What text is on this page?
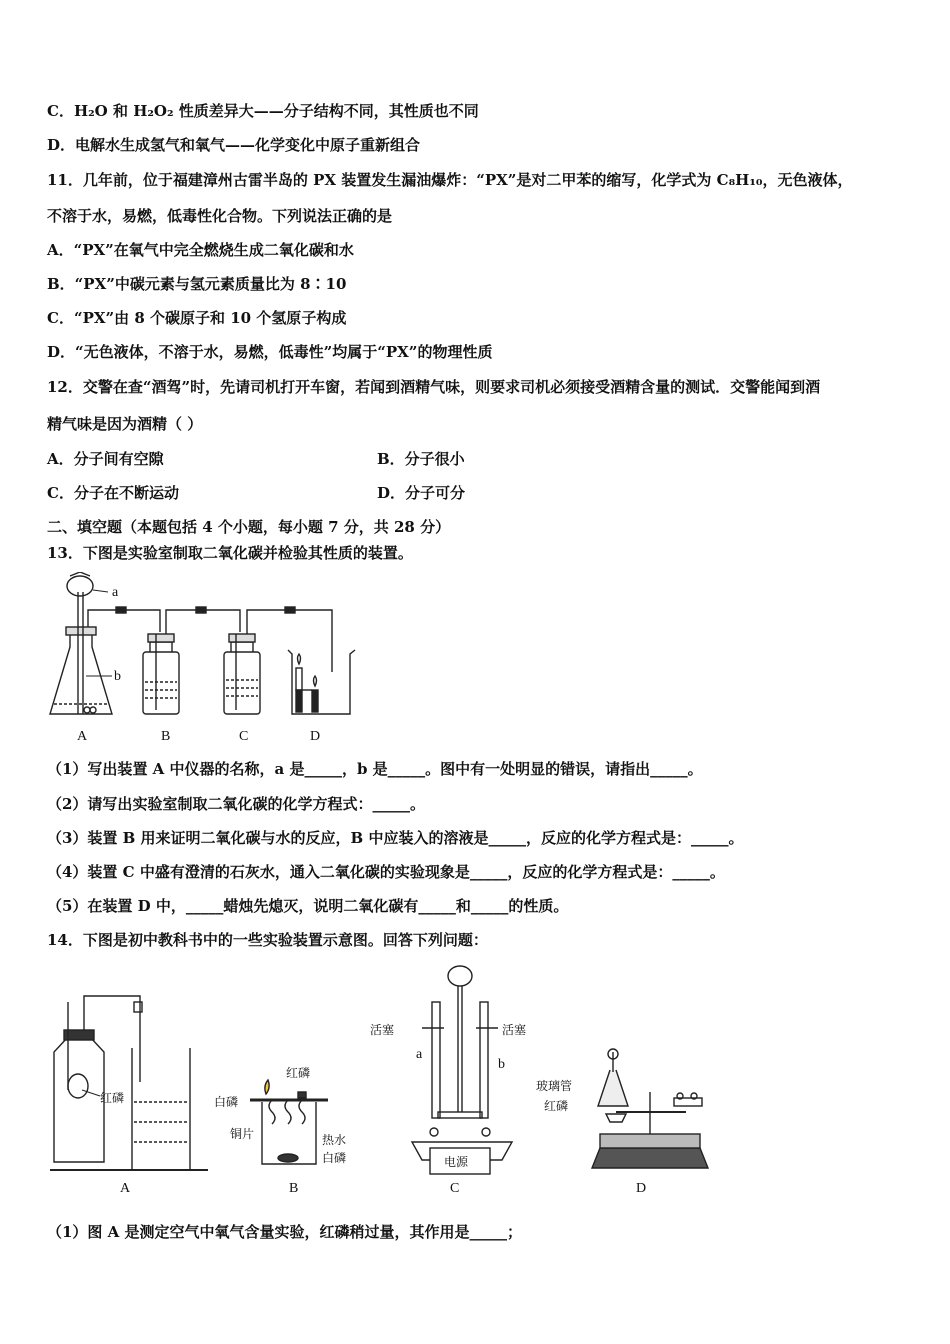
C．H₂O 和 H₂O₂ 性质差异大——分子结构不同，其性质也不同
D．电解水生成氢气和氧气——化学变化中原子重新组合
11．几年前，位于福建漳州古雷半岛的 PX 装置发生漏油爆炸：“PX”是对二甲苯的缩写，化学式为 C₈H₁₀，无色液体，
不溶于水，易燃，低毒性化合物。下列说法正确的是
A．“PX”在氧气中完全燃烧生成二氧化碳和水
B．“PX”中碳元素与氢元素质量比为 8∶10
C．“PX”由 8 个碳原子和 10 个氢原子构成
D．“无色液体，不溶于水，易燃，低毒性”均属于“PX”的物理性质
12．交警在查“酒驾”时，先请司机打开车窗，若闻到酒精气味，则要求司机必须接受酒精含量的测试．交警能闻到酒
精气味是因为酒精（ ）
A．分子间有空隙	B．分子很小
C．分子在不断运动	D．分子可分
二、填空题（本题包括 4 个小题，每小题 7 分，共 28 分）
13．下图是实验室制取二氧化碳并检验其性质的装置。
a
b
A	B	C	D
（1）写出装置 A 中仪器的名称，a 是_____，b 是_____。图中有一处明显的错误，请指出_____。
（2）请写出实验室制取二氧化碳的化学方程式：_____。
（3）装置 B 用来证明二氧化碳与水的反应，B 中应装入的溶液是_____，反应的化学方程式是：_____。
（4）装置 C 中盛有澄清的石灰水，通入二氧化碳的实验现象是_____，反应的化学方程式是：_____。
（5）在装置 D 中，_____蜡烛先熄灭，说明二氧化碳有_____和_____的性质。
14．下图是初中教科书中的一些实验装置示意图。回答下列问题：
红磷
红磷
白磷
铜片	热水
白磷
活塞	活塞
a
b
电源
玻璃管
红磷
A	B	C	D
（1）图 A 是测定空气中氧气含量实验，红磷稍过量，其作用是_____；
